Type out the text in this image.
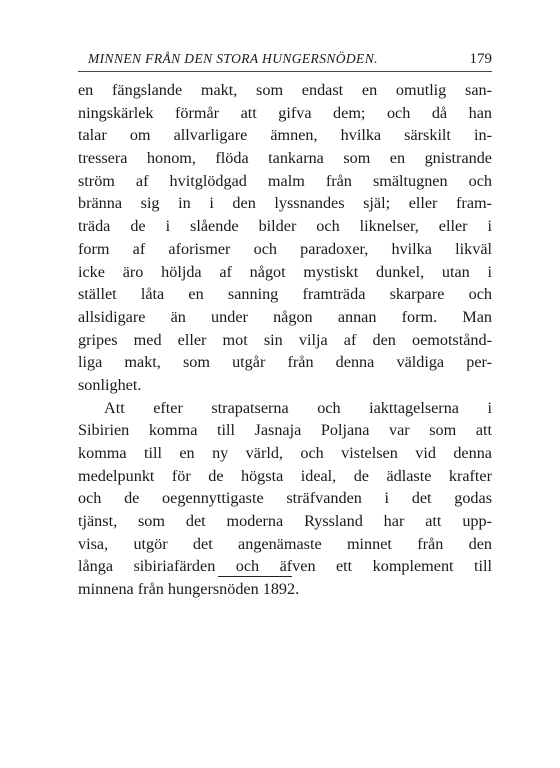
MINNEN FRÅN DEN STORA HUNGERSNÖDEN.	179
en fängslande makt, som endast en omutlig san-
ningskärlek förmår att gifva dem; och då han
talar om allvarligare ämnen, hvilka särskilt in-
tressera honom, flöda tankarna som en gnistrande
ström af hvitglödgad malm från smältugnen och
bränna sig in i den lyssnandes själ; eller fram-
träda de i slående bilder och liknelser, eller i
form af aforismer och paradoxer, hvilka likväl
icke äro höljda af något mystiskt dunkel, utan i
stället låta en sanning framträda skarpare och
allsidigare än under någon annan form. Man
gripes med eller mot sin vilja af den oemotstånd-
liga makt, som utgår från denna väldiga per-
sonlighet.
Att efter strapatserna och iakttagelserna i
Sibirien komma till Jasnaja Poljana var som att
komma till en ny värld, och vistelsen vid denna
medelpunkt för de högsta ideal, de ädlaste krafter
och de oegennyttigaste sträfvanden i det godas
tjänst, som det moderna Ryssland har att upp-
visa, utgör det angenämaste minnet från den
långa sibiriafärden och äfven ett komplement till
minnena från hungersnöden 1892.
